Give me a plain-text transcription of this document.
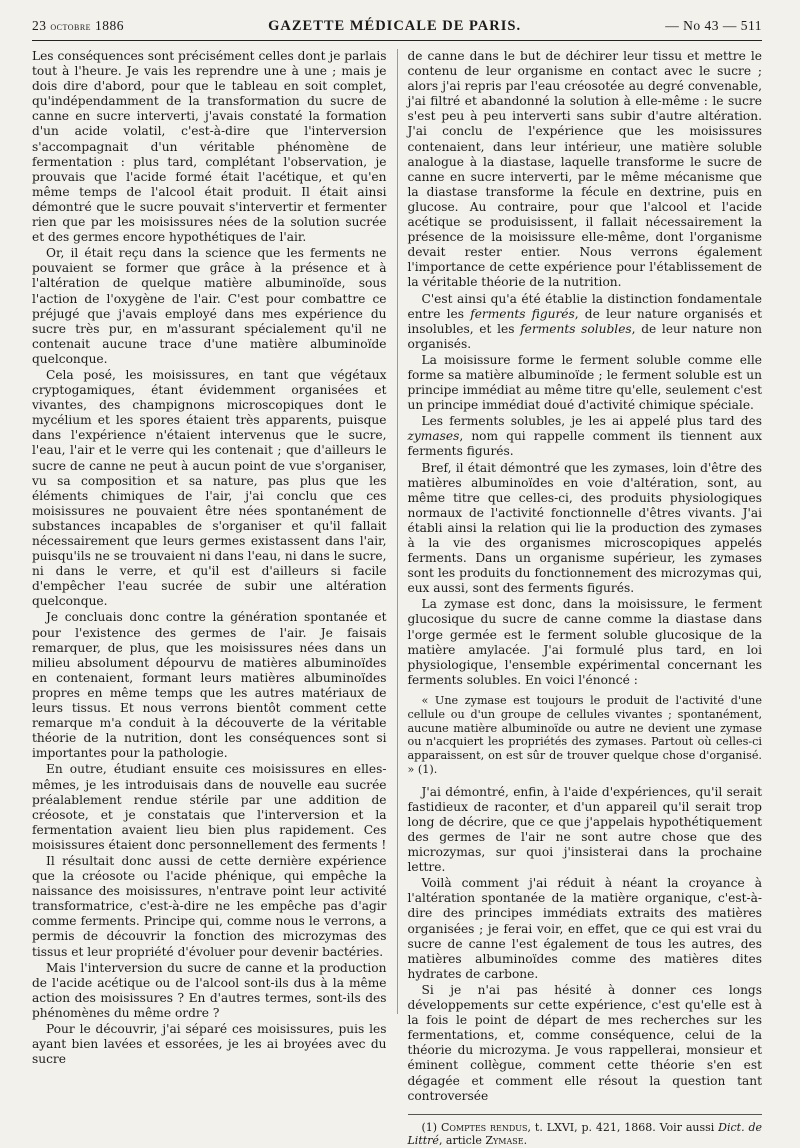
23 octobre 1886	GAZETTE MÉDICALE DE PARIS.	— No 43 — 511

Les conséquences sont précisément celles dont je parlais tout à l'heure. Je vais les reprendre une à une ; mais je dois dire d'abord, pour que le tableau en soit complet, qu'indépendamment de la transformation du sucre de canne en sucre interverti, j'avais constaté la formation d'un acide volatil, c'est-à-dire que l'interversion s'accompagnait d'un véritable phénomène de fermentation : plus tard, complétant l'observation, je prouvais que l'acide formé était l'acétique, et qu'en même temps de l'alcool était produit. Il était ainsi démontré que le sucre pouvait s'intervertir et fermenter rien que par les moisissures nées de la solution sucrée et des germes encore hypothétiques de l'air.

Or, il était reçu dans la science que les ferments ne pouvaient se former que grâce à la présence et à l'altération de quelque matière albuminoïde, sous l'action de l'oxygène de l'air. C'est pour combattre ce préjugé que j'avais employé dans mes expérience du sucre très pur, en m'assurant spécialement qu'il ne contenait aucune trace d'une matière albuminoïde quelconque.

Cela posé, les moisissures, en tant que végétaux cryptogamiques, étant évidemment organisées et vivantes, des champignons microscopiques dont le mycélium et les spores étaient très apparents, puisque dans l'expérience n'étaient intervenus que le sucre, l'eau, l'air et le verre qui les contenait ; que d'ailleurs le sucre de canne ne peut à aucun point de vue s'organiser, vu sa composition et sa nature, pas plus que les éléments chimiques de l'air, j'ai conclu que ces moisissures ne pouvaient être nées spontanément de substances incapables de s'organiser et qu'il fallait nécessairement que leurs germes existassent dans l'air, puisqu'ils ne se trouvaient ni dans l'eau, ni dans le sucre, ni dans le verre, et qu'il est d'ailleurs si facile d'empêcher l'eau sucrée de subir une altération quelconque.

Je concluais donc contre la génération spontanée et pour l'existence des germes de l'air. Je faisais remarquer, de plus, que les moisissures nées dans un milieu absolument dépourvu de matières albuminoïdes en contenaient, formant leurs matières albuminoïdes propres en même temps que les autres matériaux de leurs tissus. Et nous verrons bientôt comment cette remarque m'a conduit à la découverte de la véritable théorie de la nutrition, dont les conséquences sont si importantes pour la pathologie.

En outre, étudiant ensuite ces moisissures en elles-mêmes, je les introduisais dans de nouvelle eau sucrée préalablement rendue stérile par une addition de créosote, et je constatais que l'interversion et la fermentation avaient lieu bien plus rapidement. Ces moisissures étaient donc personnellement des ferments !

Il résultait donc aussi de cette dernière expérience que la créosote ou l'acide phénique, qui empêche la naissance des moisissures, n'entrave point leur activité transformatrice, c'est-à-dire ne les empêche pas d'agir comme ferments. Principe qui, comme nous le verrons, a permis de découvrir la fonction des microzymas des tissus et leur propriété d'évoluer pour devenir bactéries.

Mais l'interversion du sucre de canne et la production de l'acide acétique ou de l'alcool sont-ils dus à la même action des moisissures ? En d'autres termes, sont-ils des phénomènes du même ordre ?

Pour le découvrir, j'ai séparé ces moisissures, puis les ayant bien lavées et essorées, je les ai broyées avec du sucre

de canne dans le but de déchirer leur tissu et mettre le contenu de leur organisme en contact avec le sucre ; alors j'ai repris par l'eau créosotée au degré convenable, j'ai filtré et abandonné la solution à elle-même : le sucre s'est peu à peu interverti sans subir d'autre altération. J'ai conclu de l'expérience que les moisissures contenaient, dans leur intérieur, une matière soluble analogue à la diastase, laquelle transforme le sucre de canne en sucre interverti, par le même mécanisme que la diastase transforme la fécule en dextrine, puis en glucose. Au contraire, pour que l'alcool et l'acide acétique se produisissent, il fallait nécessairement la présence de la moisissure elle-même, dont l'organisme devait rester entier. Nous verrons également l'importance de cette expérience pour l'établissement de la véritable théorie de la nutrition.

C'est ainsi qu'a été établie la distinction fondamentale entre les ferments figurés, de leur nature organisés et insolubles, et les ferments solubles, de leur nature non organisés.

La moisissure forme le ferment soluble comme elle forme sa matière albuminoïde ; le ferment soluble est un principe immédiat au même titre qu'elle, seulement c'est un principe immédiat doué d'activité chimique spéciale.

Les ferments solubles, je les ai appelé plus tard des zymases, nom qui rappelle comment ils tiennent aux ferments figurés.

Bref, il était démontré que les zymases, loin d'être des matières albuminoïdes en voie d'altération, sont, au même titre que celles-ci, des produits physiologiques normaux de l'activité fonctionnelle d'êtres vivants. J'ai établi ainsi la relation qui lie la production des zymases à la vie des organismes microscopiques appelés ferments. Dans un organisme supérieur, les zymases sont les produits du fonctionnement des microzymas qui, eux aussi, sont des ferments figurés.

La zymase est donc, dans la moisissure, le ferment glucosique du sucre de canne comme la diastase dans l'orge germée est le ferment soluble glucosique de la matière amylacée. J'ai formulé plus tard, en loi physiologique, l'ensemble expérimental concernant les ferments solubles. En voici l'énoncé :

« Une zymase est toujours le produit de l'activité d'une cellule ou d'un groupe de cellules vivantes ; spontanément, aucune matière albuminoïde ou autre ne devient une zymase ou n'acquiert les propriétés des zymases. Partout où celles-ci apparaissent, on est sûr de trouver quelque chose d'organisé. » (1).

J'ai démontré, enfin, à l'aide d'expériences, qu'il serait fastidieux de raconter, et d'un appareil qu'il serait trop long de décrire, que ce que j'appelais hypothétiquement des germes de l'air ne sont autre chose que des microzymas, sur quoi j'insisterai dans la prochaine lettre.

Voilà comment j'ai réduit à néant la croyance à l'altération spontanée de la matière organique, c'est-à-dire des principes immédiats extraits des matières organisées ; je ferai voir, en effet, que ce qui est vrai du sucre de canne l'est également de tous les autres, des matières albuminoïdes comme des matières dites hydrates de carbone.

Si je n'ai pas hésité à donner ces longs développements sur cette expérience, c'est qu'elle est à la fois le point de départ de mes recherches sur les fermentations, et, comme conséquence, celui de la théorie du microzyma. Je vous rappellerai, monsieur et éminent collègue, comment cette théorie s'en est dégagée et comment elle résout la question tant controversée

(1) Comptes rendus, t. LXVI, p. 421, 1868. Voir aussi Dict. de Littré, article Zymase.
